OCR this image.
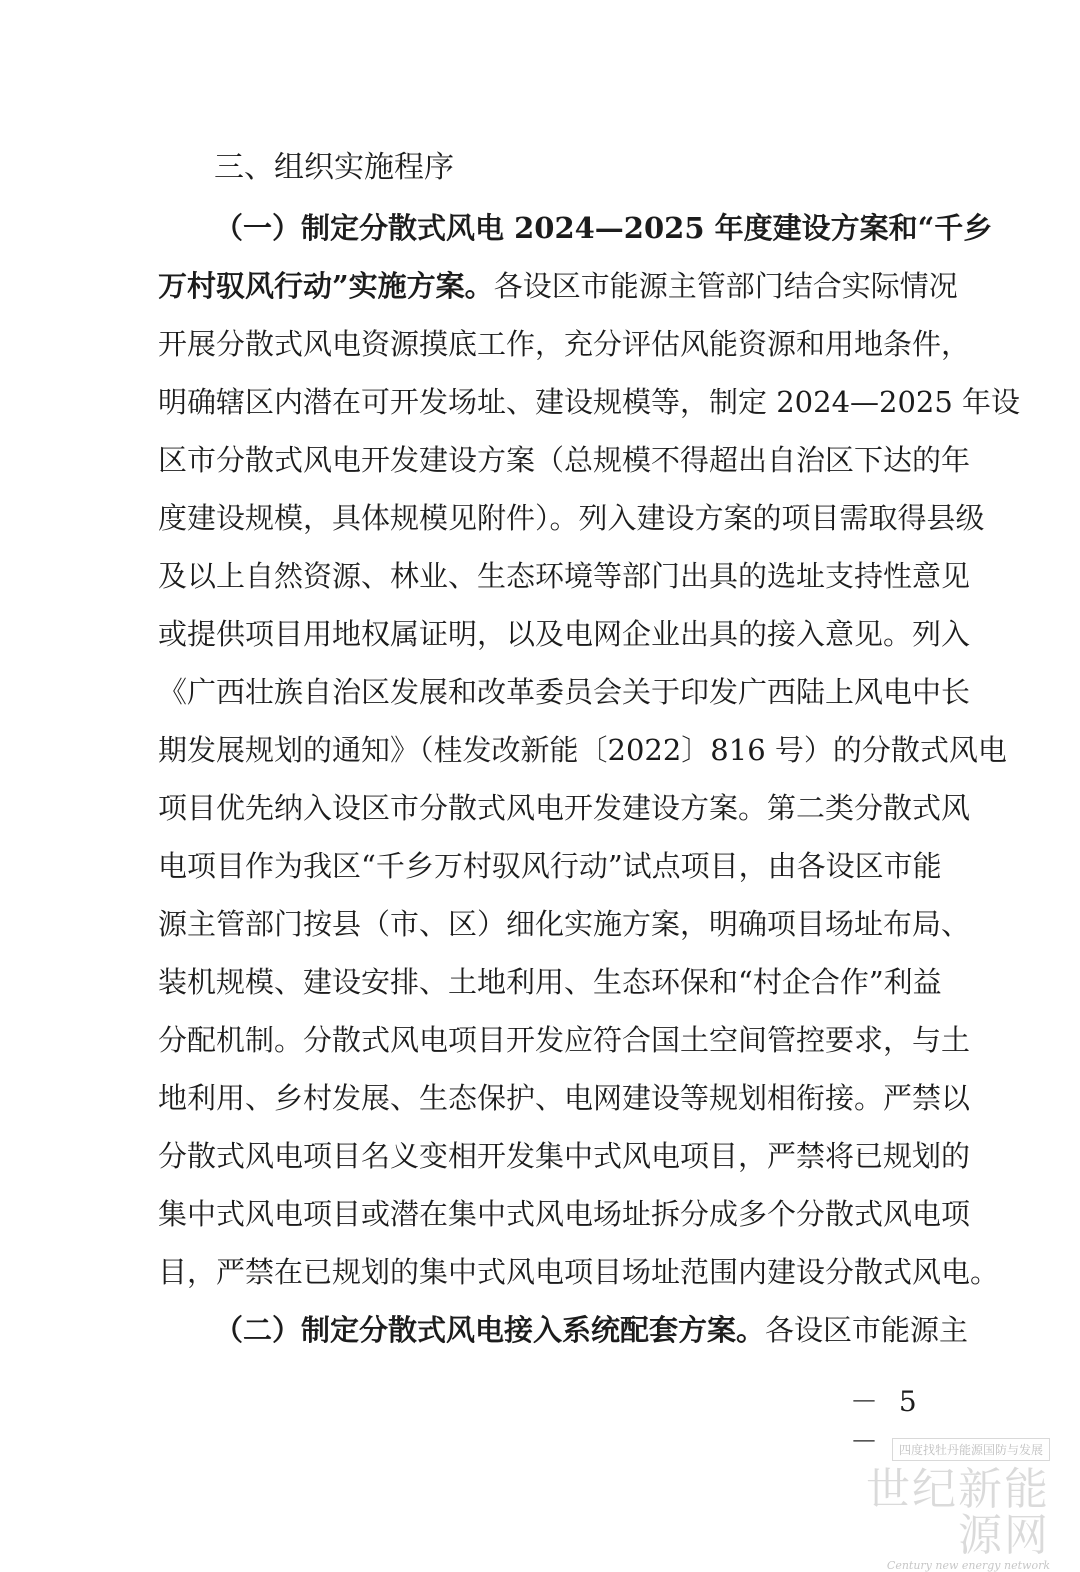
三、组织实施程序
（一）制定分散式风电 2024—2025 年度建设方案和“千乡
万村驭风行动”实施方案。各设区市能源主管部门结合实际情况
开展分散式风电资源摸底工作，充分评估风能资源和用地条件，
明确辖区内潜在可开发场址、建设规模等，制定 2024—2025 年设
区市分散式风电开发建设方案（总规模不得超出自治区下达的年
度建设规模，具体规模见附件）。列入建设方案的项目需取得县级
及以上自然资源、林业、生态环境等部门出具的选址支持性意见
或提供项目用地权属证明，以及电网企业出具的接入意见。列入
《广西壮族自治区发展和改革委员会关于印发广西陆上风电中长
期发展规划的通知》（桂发改新能〔2022〕816 号）的分散式风电
项目优先纳入设区市分散式风电开发建设方案。第二类分散式风
电项目作为我区“千乡万村驭风行动”试点项目，由各设区市能
源主管部门按县（市、区）细化实施方案，明确项目场址布局、
装机规模、建设安排、土地利用、生态环保和“村企合作”利益
分配机制。分散式风电项目开发应符合国土空间管控要求，与土
地利用、乡村发展、生态保护、电网建设等规划相衔接。严禁以
分散式风电项目名义变相开发集中式风电项目，严禁将已规划的
集中式风电项目或潜在集中式风电场址拆分成多个分散式风电项
目，严禁在已规划的集中式风电项目场址范围内建设分散式风电。
（二）制定分散式风电接入系统配套方案。各设区市能源主
－ 5 －	四度找牡丹能源国防与发展
世纪新能源网
Century new energy network
